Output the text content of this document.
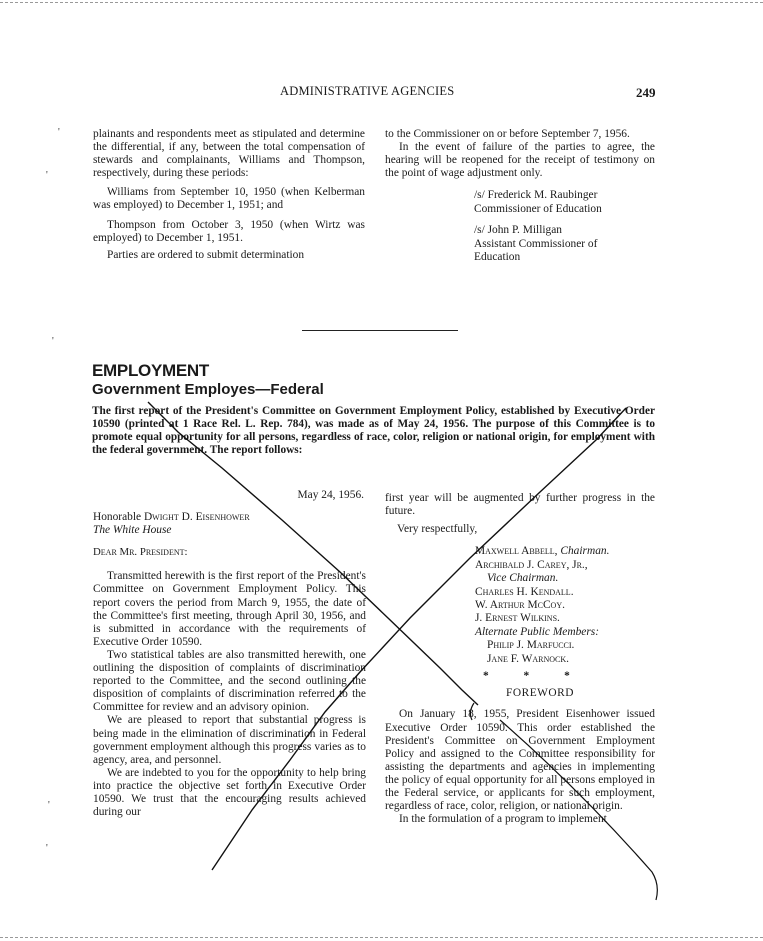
ADMINISTRATIVE AGENCIES	249
'
'
'
'
'

plainants and respondents meet as stipulated and determine the differential, if any, between the total compensation of stewards and complainants, Williams and Thompson, respectively, during these periods:

Williams from September 10, 1950 (when Kelberman was employed) to December 1, 1951; and

Thompson from October 3, 1950 (when Wirtz was employed) to December 1, 1951.

Parties are ordered to submit determination

to the Commissioner on or before September 7, 1956.

In the event of failure of the parties to agree, the hearing will be reopened for the receipt of testimony on the point of wage adjustment only.

/s/ Frederick M. Raubinger
Commissioner of Education
/s/ John P. Milligan
Assistant Commissioner of
Education
EMPLOYMENT
Government Employes—Federal
The first report of the President's Committee on Government Employment Policy, established by Executive Order 10590 (printed at 1 Race Rel. L. Rep. 784), was made as of May 24, 1956. The purpose of this Committee is to promote equal opportunity for all persons, regardless of race, color, religion or national origin, for employment with the federal government. The report follows:
May 24, 1956.
Honorable Dwight D. Eisenhower
The White House
Dear Mr. President:

Transmitted herewith is the first report of the President's Committee on Government Employment Policy. This report covers the period from March 9, 1955, the date of the Committee's first meeting, through April 30, 1956, and is submitted in accordance with the requirements of Executive Order 10590.

Two statistical tables are also transmitted herewith, one outlining the disposition of complaints of discrimination reported to the Committee, and the second outlining the disposition of complaints of discrimination referred to the Committee for review and an advisory opinion.

We are pleased to report that substantial progress is being made in the elimination of discrimination in Federal government employment although this progress varies as to agency, area, and personnel.

We are indebted to you for the opportunity to help bring into practice the objective set forth in Executive Order 10590. We trust that the encouraging results achieved during our

first year will be augmented by further progress in the future.

Very respectfully,

Maxwell Abbell, Chairman.

Archibald J. Carey, Jr.,

Vice Chairman.

Charles H. Kendall.

W. Arthur McCoy.

J. Ernest Wilkins.

Alternate Public Members:

Philip J. Marfucci.

Jane F. Warnock.

* * *

FOREWORD

On January 18, 1955, President Eisenhower issued Executive Order 10590. This order established the President's Committee on Government Employment Policy and assigned to the Committee responsibility for assisting the departments and agencies in implementing the policy of equal opportunity for all persons employed in the Federal service, or applicants for such employment, regardless of race, color, religion, or national origin.

In the formulation of a program to implement
